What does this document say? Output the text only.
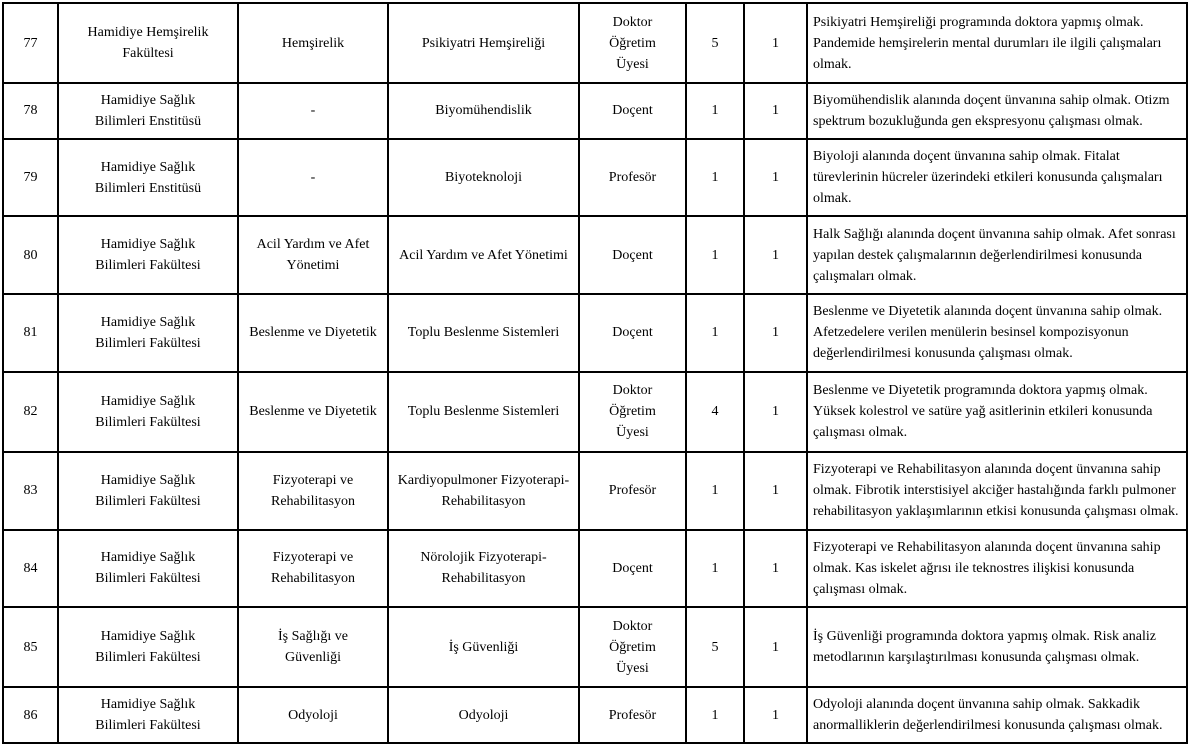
77	Hamidiye Hemşirelik Fakültesi	Hemşirelik	Psikiyatri Hemşireliği	Doktor Öğretim Üyesi	5	1	Psikiyatri Hemşireliği programında doktora yapmış olmak. Pandemide hemşirelerin mental durumları ile ilgili çalışmaları olmak.
78	Hamidiye Sağlık Bilimleri Enstitüsü	-	Biyomühendislik	Doçent	1	1	Biyomühendislik alanında doçent ünvanına sahip olmak. Otizm spektrum bozukluğunda gen ekspresyonu çalışması olmak.
79	Hamidiye Sağlık Bilimleri Enstitüsü	-	Biyoteknoloji	Profesör	1	1	Biyoloji alanında doçent ünvanına sahip olmak. Fitalat türevlerinin hücreler üzerindeki etkileri konusunda çalışmaları olmak.
80	Hamidiye Sağlık Bilimleri Fakültesi	Acil Yardım ve Afet Yönetimi	Acil Yardım ve Afet Yönetimi	Doçent	1	1	Halk Sağlığı alanında doçent ünvanına sahip olmak. Afet sonrası yapılan destek çalışmalarının değerlendirilmesi konusunda çalışmaları olmak.
81	Hamidiye Sağlık Bilimleri Fakültesi	Beslenme ve Diyetetik	Toplu Beslenme Sistemleri	Doçent	1	1	Beslenme ve Diyetetik alanında doçent ünvanına sahip olmak. Afetzedelere verilen menülerin besinsel kompozisyonun değerlendirilmesi konusunda çalışması olmak.
82	Hamidiye Sağlık Bilimleri Fakültesi	Beslenme ve Diyetetik	Toplu Beslenme Sistemleri	Doktor Öğretim Üyesi	4	1	Beslenme ve Diyetetik programında doktora yapmış olmak. Yüksek kolestrol ve satüre yağ asitlerinin etkileri konusunda çalışması olmak.
83	Hamidiye Sağlık Bilimleri Fakültesi	Fizyoterapi ve Rehabilitasyon	Kardiyopulmoner Fizyoterapi- Rehabilitasyon	Profesör	1	1	Fizyoterapi ve Rehabilitasyon alanında doçent ünvanına sahip olmak. Fibrotik interstisiyel akciğer hastalığında farklı pulmoner rehabilitasyon yaklaşımlarının etkisi konusunda çalışması olmak.
84	Hamidiye Sağlık Bilimleri Fakültesi	Fizyoterapi ve Rehabilitasyon	Nörolojik Fizyoterapi-Rehabilitasyon	Doçent	1	1	Fizyoterapi ve Rehabilitasyon alanında doçent ünvanına sahip olmak. Kas iskelet ağrısı ile teknostres ilişkisi konusunda çalışması olmak.
85	Hamidiye Sağlık Bilimleri Fakültesi	İş Sağlığı ve Güvenliği	İş Güvenliği	Doktor Öğretim Üyesi	5	1	İş Güvenliği programında doktora yapmış olmak. Risk analiz metodlarının karşılaştırılması konusunda çalışması olmak.
86	Hamidiye Sağlık Bilimleri Fakültesi	Odyoloji	Odyoloji	Profesör	1	1	Odyoloji alanında doçent ünvanına sahip olmak. Sakkadik anormalliklerin değerlendirilmesi konusunda çalışması olmak.
